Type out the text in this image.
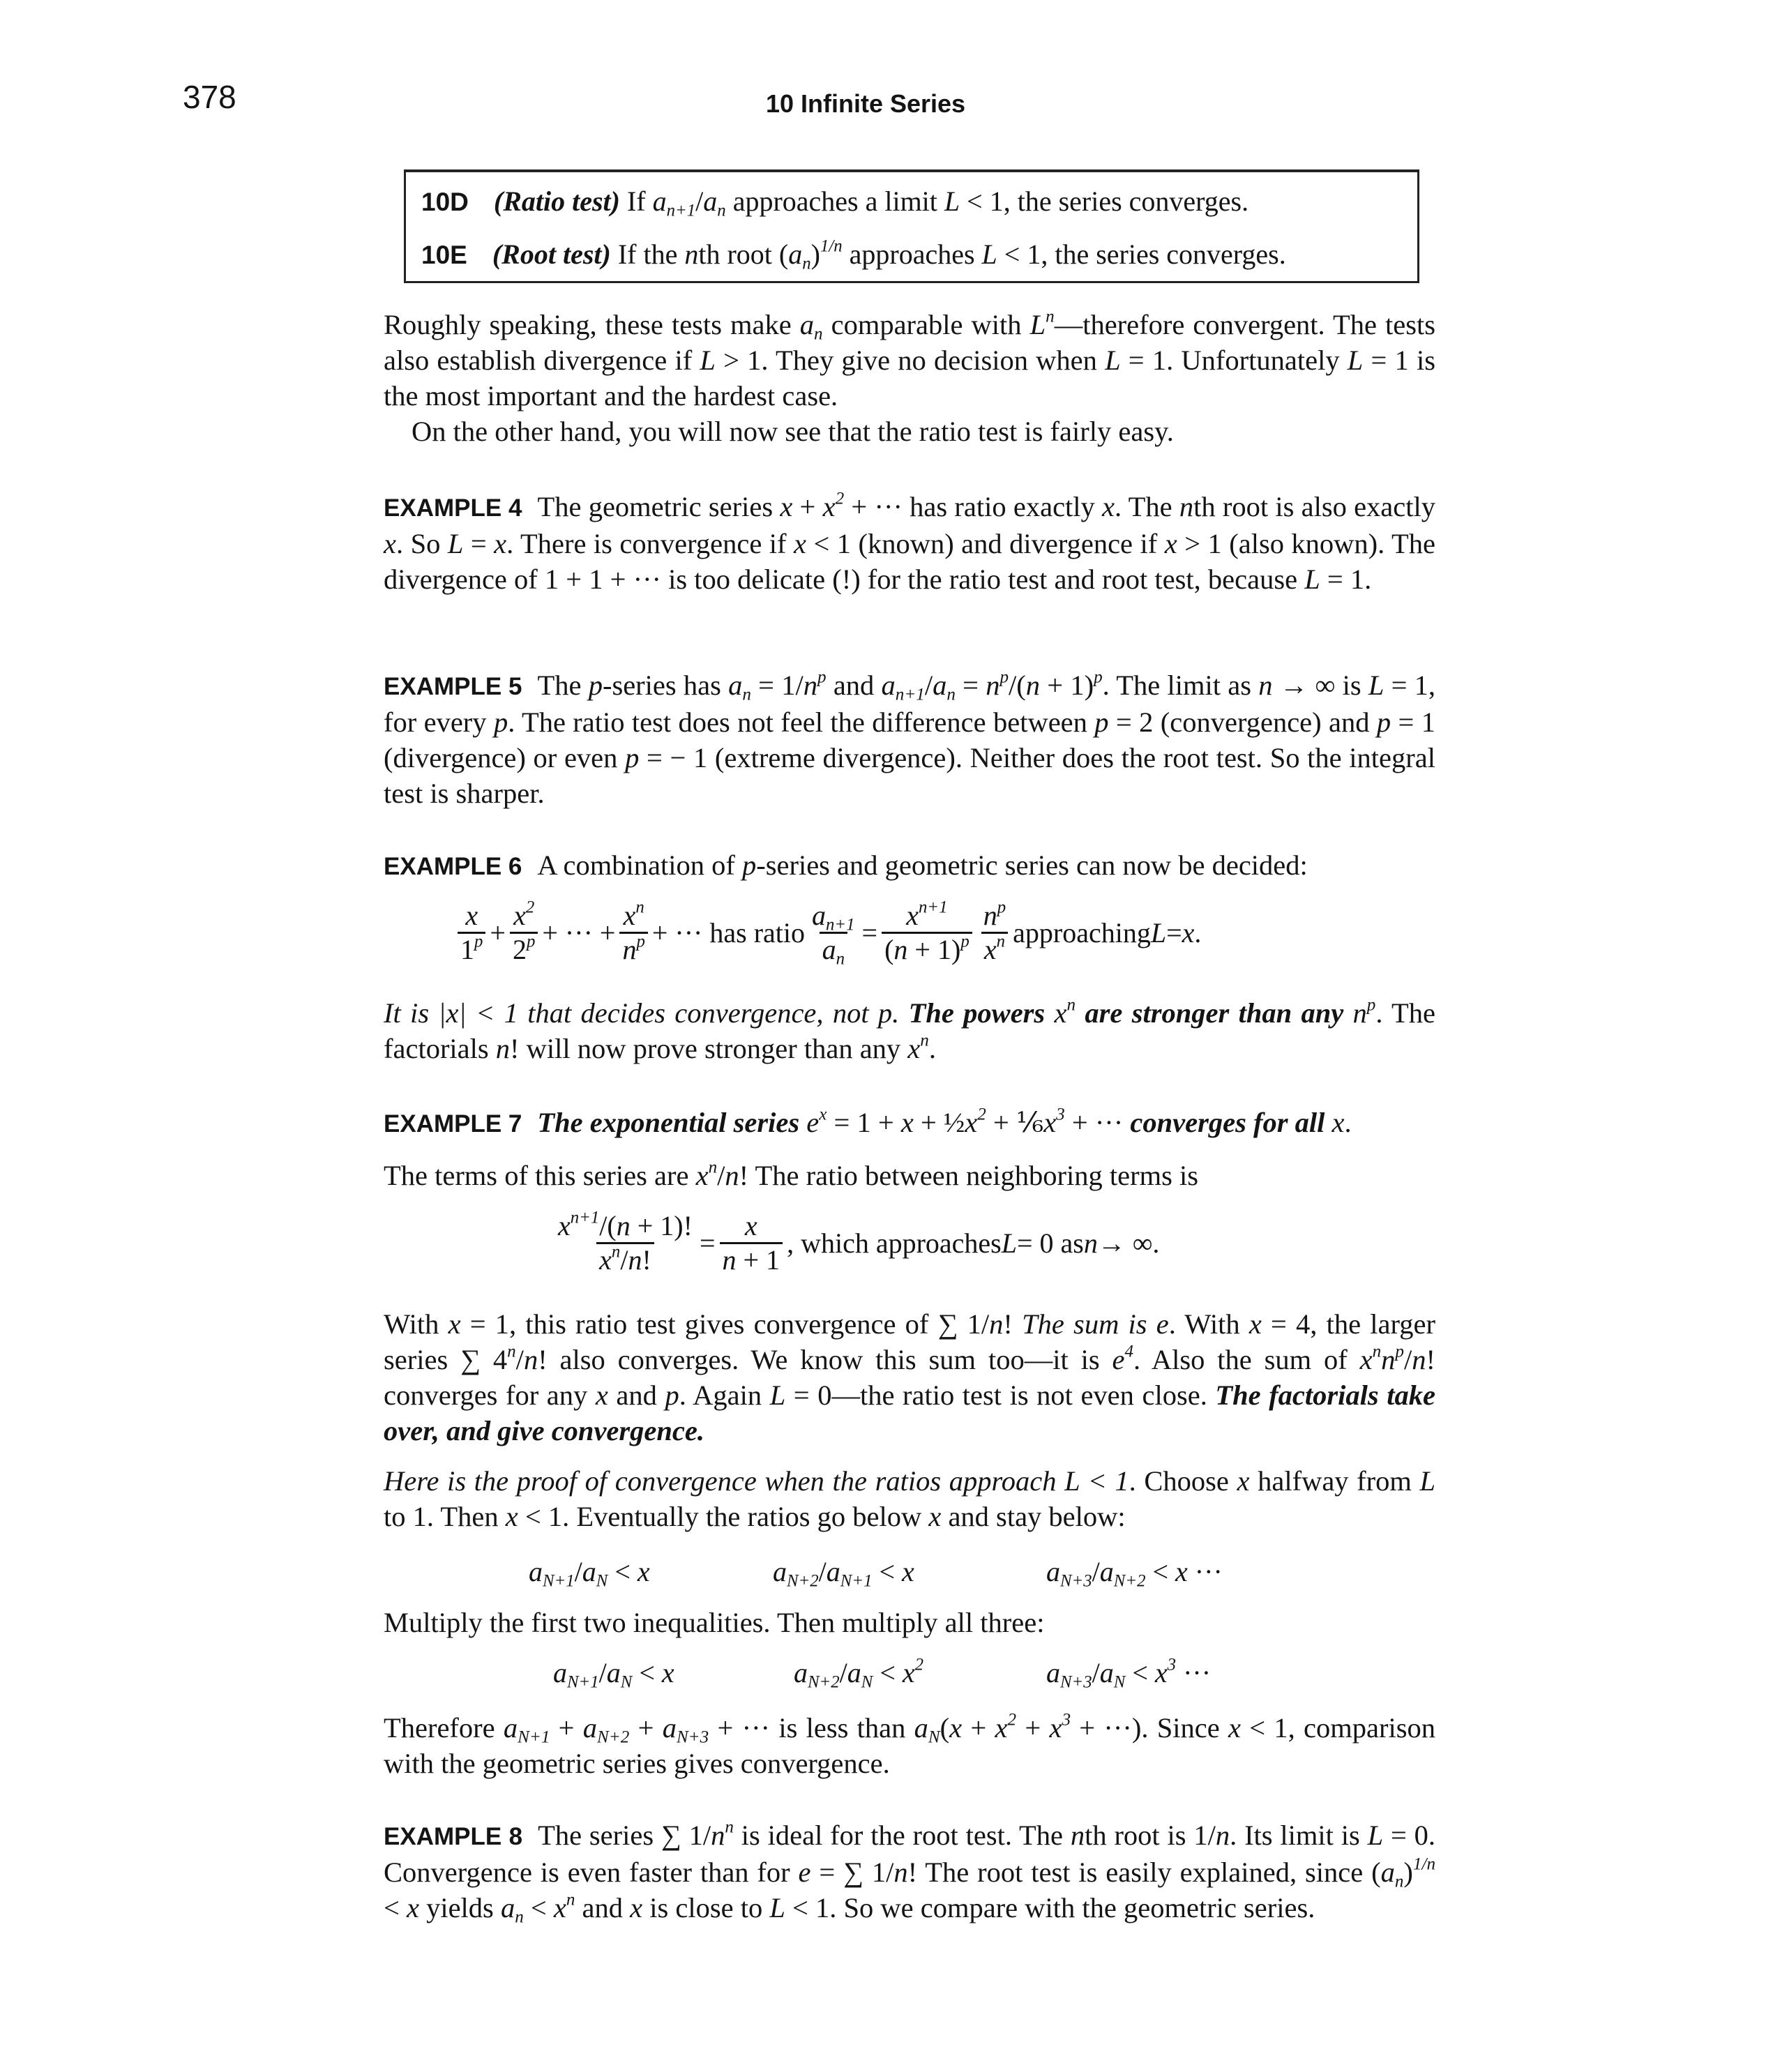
378	10 Infinite Series
10D (Ratio test) If $a_{n+1}/a_n$ approaches a limit L < 1, the series converges.
10E (Root test) If the nth root $(a_n)^{1/n}$ approaches L < 1, the series converges.

Roughly speaking, these tests make $a_n$ comparable with $L^n—therefore$ convergent. The tests also establish divergence if L > 1. They give no decision when L = 1. Unfortunately L = 1 is the most important and the hardest case.

On the other hand, you will now see that the ratio test is fairly easy.

EXAMPLE 4 The geometric series $x + x^2$ + ··· has ratio exactly x. The nth root is also exactly x. So L = x. There is convergence if x < 1 (known) and divergence if x > 1 (also known). The divergence of 1 + 1 + ··· is too delicate (!) for the ratio test and root test, because L = 1.

EXAMPLE 5 The p-series has $a_n = 1/n^p$ and $a_{n+1}/a_n = n^p/(n + 1)^p$. The limit as n → ∞ is L = 1, for every p. The ratio test does not feel the difference between p = 2 (convergence) and p = 1 (divergence) or even p = − 1 (extreme divergence). Neither does the root test. So the integral test is sharper.

EXAMPLE 6 A combination of p-series and geometric series can now be decided:

$\frac{x}{1^p} + \frac{x^2}{2^p}$ + ··· + $\frac{x^n}{n^p}$ + ··· has ratio $\frac{a_{n+1}}{a_n} = \frac{x^{n+1}}{(n + 1)^p} \frac{n^p}{x^n}$ approaching L = x .

It is |x| < 1 that decides convergence, not p. The powers $x^n$ are stronger than any $n^p$. The factorials n! will now prove stronger than any $x^n$.

EXAMPLE 7 The exponential series $e^x = 1 + x$ + $\frac{1}{2}x^2$ + $\frac{1}{6}x^3$ + ··· converges for all x.

The terms of this series are $x^n/n$! The ratio between neighboring terms is

$\frac{x^{n+1}/(n + 1)!}{x^n/n!} = \frac{x}{n + 1}$ , which approaches L = 0 as n → ∞.

With x = 1, this ratio test gives convergence of ∑ 1/n! The sum is e. With x = 4, the larger series ∑ 4$^n$/n! also converges. We know this sum too—it is $e^4$. Also the sum of $x^nn^p/n$! converges for any x and p. Again L = 0—the ratio test is not even close. The factorials take over, and give convergence.

Here is the proof of convergence when the ratios approach L < 1. Choose x halfway from L to 1. Then x < 1. Eventually the ratios go below x and stay below:

$a_{N+1}/a_N < x$	$a_{N+2}/a_{N+1} < x$	$a_{N+3}/a_{N+2} < x$ ···

Multiply the first two inequalities. Then multiply all three:

$a_{N+1}/a_N < x$	$a_{N+2}/a_N < x^2$	$a_{N+3}/a_N < x^3$ ···

Therefore $a_{N+1} + a_{N+2} + a_{N+3}$ + ··· is less than $a_N(x + x^2 + x^3$ + ···). Since x < 1, comparison with the geometric series gives convergence.

EXAMPLE 8 The series ∑ $1/n^n$ is ideal for the root test. The nth root is 1/n. Its limit is L = 0. Convergence is even faster than for e = ∑ 1/n! The root test is easily explained, since $(a_n)^{1/n} < x$ yields $a_n < x^n$ and x is close to L < 1. So we compare with the geometric series.
